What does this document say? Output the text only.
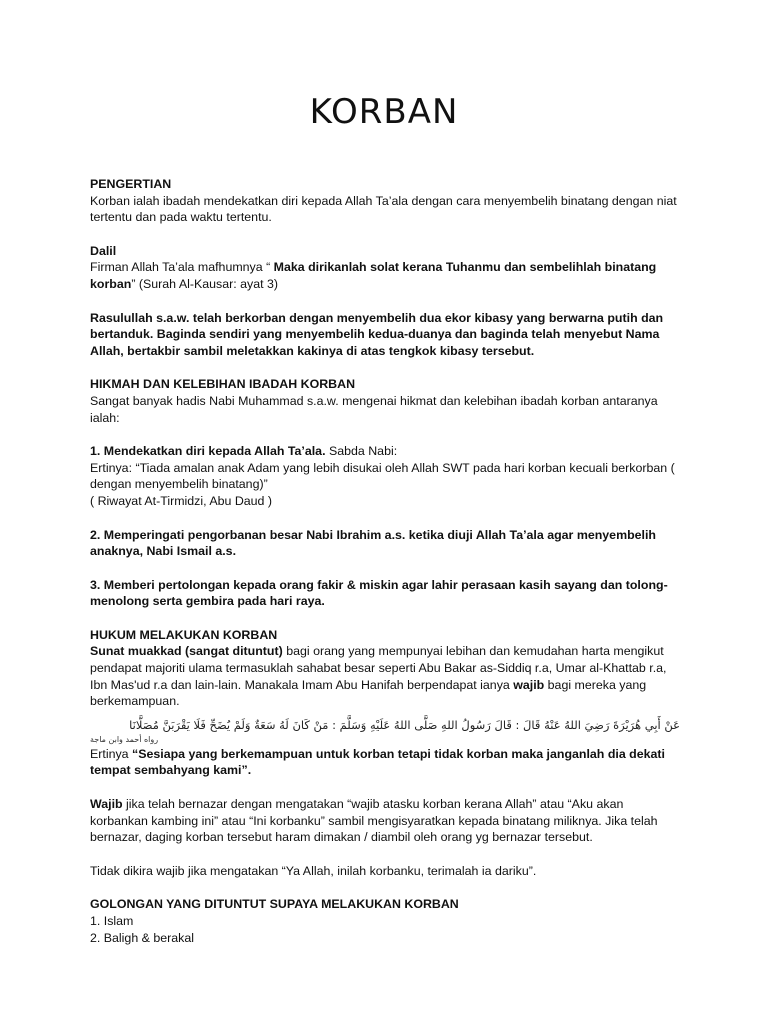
KORBAN

PENGERTIAN

Korban ialah ibadah mendekatkan diri kepada Allah Ta’ala dengan cara menyembelih binatang dengan niat tertentu dan pada waktu tertentu.

Dalil

Firman Allah Ta’ala mafhumnya “ Maka dirikanlah solat kerana Tuhanmu dan sembelihlah binatang korban” (Surah Al-Kausar: ayat 3)

Rasulullah s.a.w. telah berkorban dengan menyembelih dua ekor kibasy yang berwarna putih dan bertanduk. Baginda sendiri yang menyembelih kedua-duanya dan baginda telah menyebut Nama Allah, bertakbir sambil meletakkan kakinya di atas tengkok kibasy tersebut.

HIKMAH DAN KELEBIHAN IBADAH KORBAN

Sangat banyak hadis Nabi Muhammad s.a.w. mengenai hikmat dan kelebihan ibadah korban antaranya ialah:

1. Mendekatkan diri kepada Allah Ta’ala. Sabda Nabi:

Ertinya: “Tiada amalan anak Adam yang lebih disukai oleh Allah SWT pada hari korban kecuali berkorban ( dengan menyembelih binatang)”

( Riwayat At-Tirmidzi, Abu Daud )

2. Memperingati pengorbanan besar Nabi Ibrahim a.s. ketika diuji Allah Ta’ala agar menyembelih anaknya, Nabi Ismail a.s.

3. Memberi pertolongan kepada orang fakir & miskin agar lahir perasaan kasih sayang dan tolong-menolong serta gembira pada hari raya.

HUKUM MELAKUKAN KORBAN

Sunat muakkad (sangat dituntut) bagi orang yang mempunyai lebihan dan kemudahan harta mengikut pendapat majoriti ulama termasuklah sahabat besar seperti Abu Bakar as-Siddiq r.a, Umar al-Khattab r.a, Ibn Mas'ud r.a dan lain-lain. Manakala Imam Abu Hanifah berpendapat ianya wajib bagi mereka yang berkemampuan.

عَنْ أَبِي هُرَيْرَةَ رَضِيَ اللهُ عَنْهُ قَالَ : قَالَ رَسُولُ اللهِ صَلَّى اللهُ عَلَيْهِ وَسَلَّمَ : مَنْ كَانَ لَهُ سَعَةٌ وَلَمْ يُضَحِّ فَلَا يَقْرَبَنَّ مُصَلَّانَا

رواه أحمد وابن ماجة

Ertinya “Sesiapa yang berkemampuan untuk korban tetapi tidak korban maka janganlah dia dekati tempat sembahyang kami”.

Wajib jika telah bernazar dengan mengatakan “wajib atasku korban kerana Allah” atau “Aku akan korbankan kambing ini” atau “Ini korbanku” sambil mengisyaratkan kepada binatang miliknya. Jika telah bernazar, daging korban tersebut haram dimakan / diambil oleh orang yg bernazar tersebut.

Tidak dikira wajib jika mengatakan “Ya Allah, inilah korbanku, terimalah ia dariku”.

GOLONGAN YANG DITUNTUT SUPAYA MELAKUKAN KORBAN

1. Islam

2. Baligh & berakal
